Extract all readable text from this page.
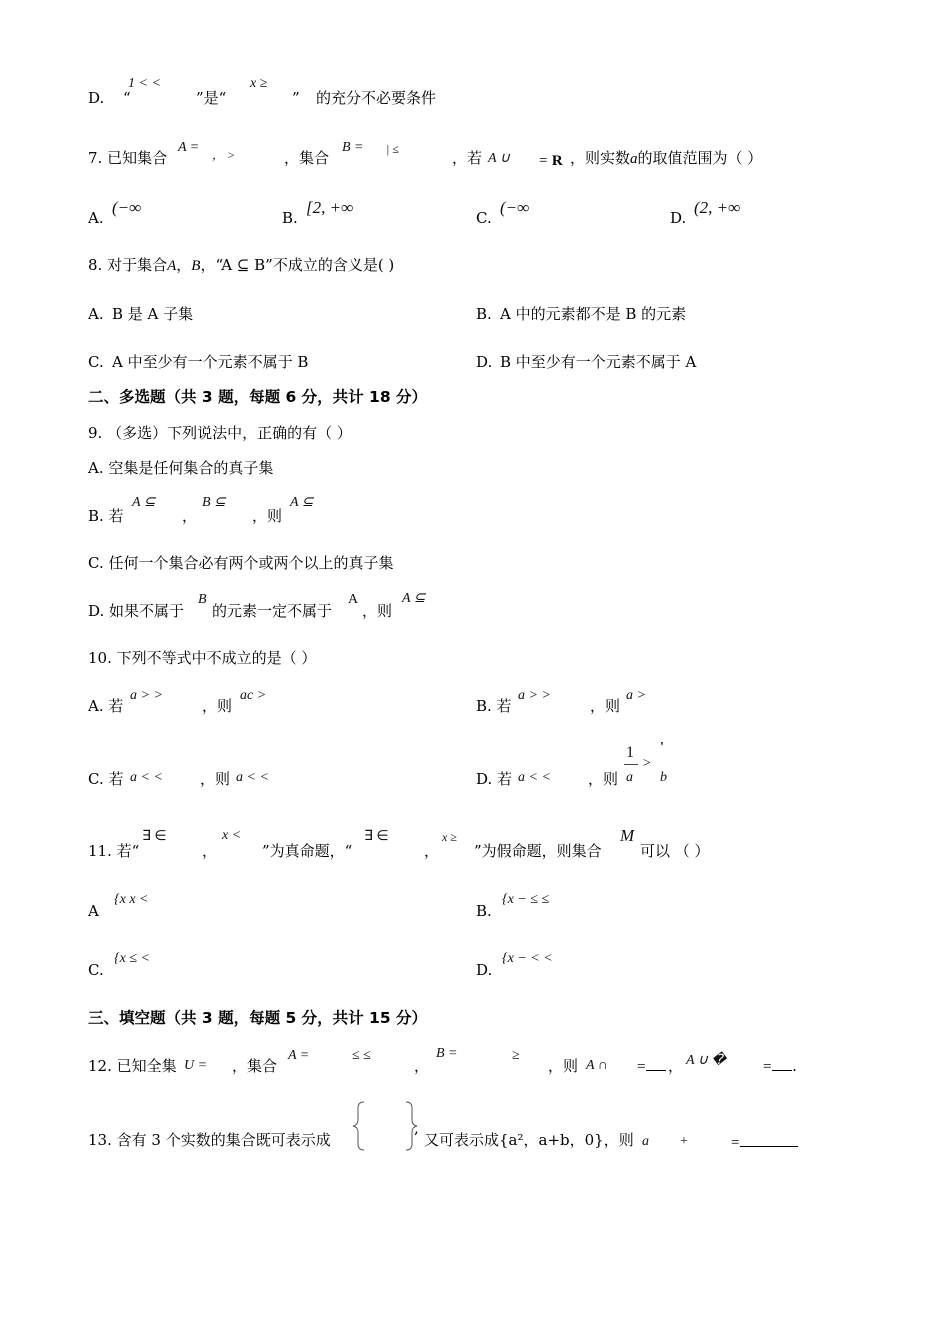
D. “
1 < <
”是“
x ≥
” 的充分不必要条件
7. 已知集合
A = ， >	，集合
B = | ≤	，若 A ∪ = R ，则实数a的取值范围为（ ）
A.
(−∞
B.
[2, +∞
C.
(−∞
D.
(2, +∞
8. 对于集合A，B，“A ⊆ B”不成立的含义是( )
A. B 是 A 子集	B. A 中的元素都不是 B 的元素
C. A 中至少有一个元素不属于 B	D. B 中至少有一个元素不属于 A
二、多选题（共 3 题，每题 6 分，共计 18 分）
9. （多选）下列说法中，正确的有（ ）
A. 空集是任何集合的真子集
B. 若
A ⊆
，
B ⊆
，则
A ⊆
C. 任何一个集合必有两个或两个以上的真子集
D. 如果不属于
B
的元素一定不属于
A
，则
A ⊆
10. 下列不等式中不成立的是（ ）
A. 若
a > >
，则
ac >
B. 若
a > >
，则
a >
C. 若 a < < ，则 a < <	D. 若 a < < ，则
1
a
>
'
b
11. 若“
∃ ∈
，
x <
”为真命题，“
∃ ∈
，
x ≥
”为假命题，则集合
M
可以 （ ）
A
{x x <
B.
{x − ≤ ≤
C.
{x ≤ <
D.
{x − < <
三、填空题（共 3 题，每题 5 分，共计 15 分）
12. 已知全集 U = ，集合
A =	≤ ≤
，
B =	≥
，则 A ∩ =	， A ∪ � = .
13. 含有 3 个实数的集合既可表示成
,
又可表示成{a²，a+b，0}，则 a +	=
